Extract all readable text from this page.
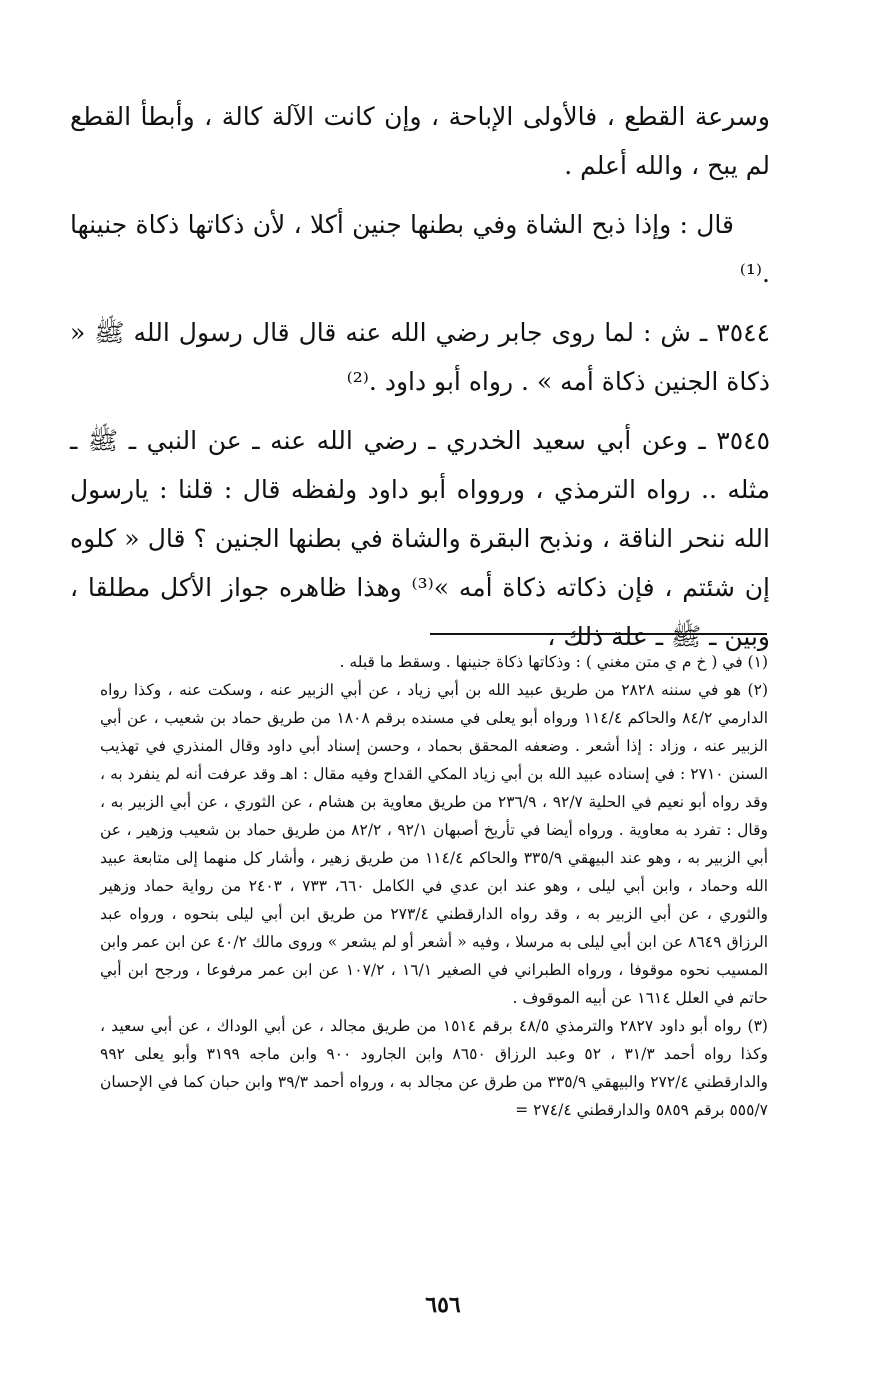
وسرعة القطع ، فالأولى الإباحة ، وإن كانت الآلة كالة ، وأبطأ القطع لم يبح ، والله أعلم .

قال : وإذا ذبح الشاة وفي بطنها جنين أكلا ، لأن ذكاتها ذكاة جنينها .⁽¹⁾

٣٥٤٤ ـ ش : لما روى جابر رضي الله عنه قال قال رسول الله ﷺ « ذكاة الجنين ذكاة أمه » . رواه أبو داود .⁽²⁾

٣٥٤٥ ـ وعن أبي سعيد الخدري ـ رضي الله عنه ـ عن النبي ـ ﷺ ـ مثله .. رواه الترمذي ، وروواه أبو داود ولفظه قال : قلنا : يارسول الله ننحر الناقة ، ونذبح البقرة والشاة في بطنها الجنين ؟ قال « كلوه إن شئتم ، فإن ذكاته ذكاة أمه »⁽³⁾ وهذا ظاهره جواز الأكل مطلقا ، وبين ـ ﷺ ـ علة ذلك ،

(١) في ( خ م ي متن مغني ) : وذكاتها ذكاة جنينها . وسقط ما قبله .

(٢) هو في سننه ٢٨٢٨ من طريق عبيد الله بن أبي زياد ، عن أبي الزبير عنه ، وسكت عنه ، وكذا رواه الدارمي ٨٤/٢ والحاكم ١١٤/٤ ورواه أبو يعلى في مسنده برقم ١٨٠٨ من طريق حماد بن شعيب ، عن أبي الزبير عنه ، وزاد : إذا أشعر . وضعفه المحقق بحماد ، وحسن إسناد أبي داود وقال المنذري في تهذيب السنن ٢٧١٠ : في إسناده عبيد الله بن أبي زياد المكي القداح وفيه مقال : اهـ وقد عرفت أنه لم ينفرد به ، وقد رواه أبو نعيم في الحلية ٩٢/٧ ، ٢٣٦/٩ من طريق معاوية بن هشام ، عن الثوري ، عن أبي الزبير به ، وقال : تفرد به معاوية . ورواه أيضا في تأريخ أصبهان ٩٢/١ ، ٨٢/٢ من طريق حماد بن شعيب وزهير ، عن أبي الزبير به ، وهو عند البيهقي ٣٣٥/٩ والحاكم ١١٤/٤ من طريق زهير ، وأشار كل منهما إلى متابعة عبيد الله وحماد ، وابن أبي ليلى ، وهو عند ابن عدي في الكامل ٦٦٠، ٧٣٣ ، ٢٤٠٣ من رواية حماد وزهير والثوري ، عن أبي الزبير به ، وقد رواه الدارقطني ٢٧٣/٤ من طريق ابن أبي ليلى بنحوه ، ورواه عبد الرزاق ٨٦٤٩ عن ابن أبي ليلى به مرسلا ، وفيه « أشعر أو لم يشعر » وروى مالك ٤٠/٢ عن ابن عمر وابن المسيب نحوه موقوفا ، ورواه الطبراني في الصغير ١٦/١ ، ١٠٧/٢ عن ابن عمر مرفوعا ، ورجح ابن أبي حاتم في العلل ١٦١٤ عن أبيه الموقوف .

(٣) رواه أبو داود ٢٨٢٧ والترمذي ٤٨/٥ برقم ١٥١٤ من طريق مجالد ، عن أبي الوداك ، عن أبي سعيد ، وكذا رواه أحمد ٣١/٣ ، ٥٢ وعبد الرزاق ٨٦٥٠ وابن الجارود ٩٠٠ وابن ماجه ٣١٩٩ وأبو يعلى ٩٩٢ والدارقطني ٢٧٢/٤ والبيهقي ٣٣٥/٩ من طرق عن مجالد به ، ورواه أحمد ٣٩/٣ وابن حبان كما في الإحسان ٥٥٥/٧ برقم ٥٨٥٩ والدارقطني ٢٧٤/٤ =

٦٥٦
